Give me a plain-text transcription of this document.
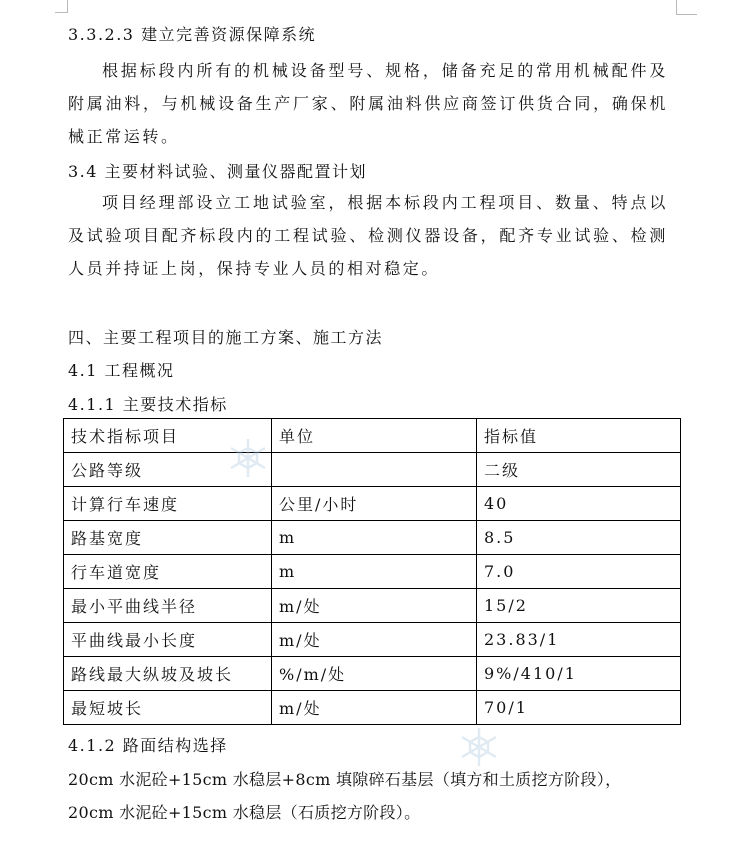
3.3.2.3 建立完善资源保障系统
根据标段内所有的机械设备型号、规格，储备充足的常用机械配件及附属油料，与机械设备生产厂家、附属油料供应商签订供货合同，确保机械正常运转。
3.4 主要材料试验、测量仪器配置计划
项目经理部设立工地试验室，根据本标段内工程项目、数量、特点以及试验项目配齐标段内的工程试验、检测仪器设备，配齐专业试验、检测人员并持证上岗，保持专业人员的相对稳定。
四、主要工程项目的施工方案、施工方法
4.1 工程概况
4.1.1 主要技术指标
技术指标项目	单位	指标值
公路等级		二级
计算行车速度	公里/小时	40
路基宽度	m	8.5
行车道宽度	m	7.0
最小平曲线半径	m/处	15/2
平曲线最小长度	m/处	23.83/1
路线最大纵坡及坡长	%/m/处	9%/410/1
最短坡长	m/处	70/1
4.1.2 路面结构选择
20cm 水泥砼+15cm 水稳层+8cm 填隙碎石基层（填方和土质挖方阶段），
20cm 水泥砼+15cm 水稳层（石质挖方阶段）。
